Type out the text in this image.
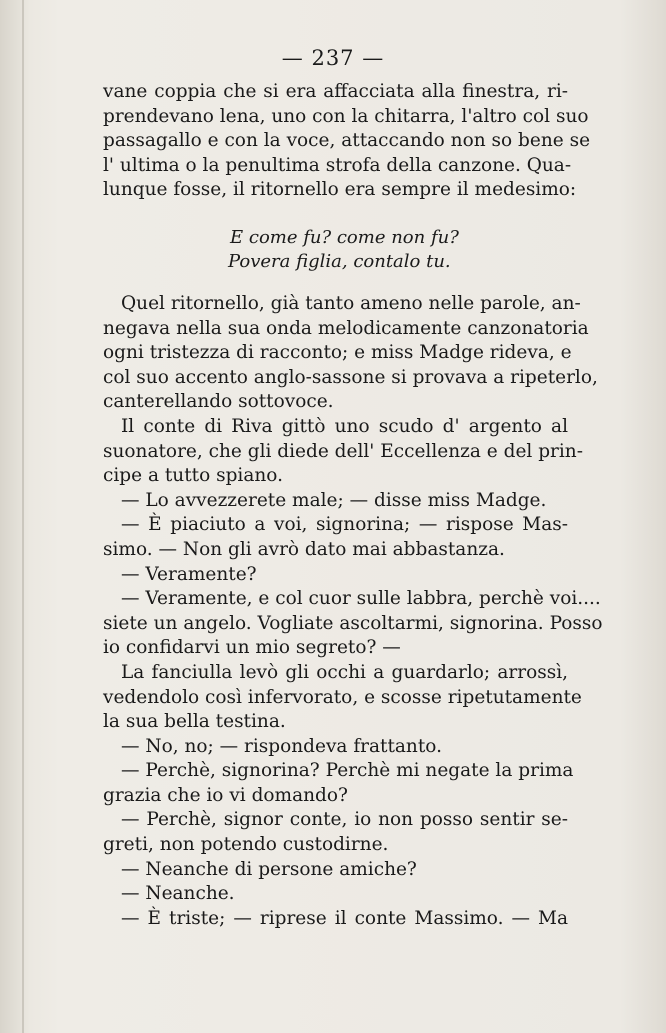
— 237 —
vane coppia che si era affacciata alla finestra, ri-
prendevano lena, uno con la chitarra, l'altro col suo
passagallo e con la voce, attaccando non so bene se
l' ultima o la penultima strofa della canzone. Qua-
lunque fosse, il ritornello era sempre il medesimo:
E come fu? come non fu?
Povera figlia, contalo tu.
Quel ritornello, già tanto ameno nelle parole, an-
negava nella sua onda melodicamente canzonatoria
ogni tristezza di racconto; e miss Madge rideva, e
col suo accento anglo-sassone si provava a ripeterlo,
canterellando sottovoce.
Il conte di Riva gittò uno scudo d' argento al
suonatore, che gli diede dell' Eccellenza e del prin-
cipe a tutto spiano.
— Lo avvezzerete male; — disse miss Madge.
— È piaciuto a voi, signorina; — rispose Mas-
simo. — Non gli avrò dato mai abbastanza.
— Veramente?
— Veramente, e col cuor sulle labbra, perchè voi....
siete un angelo. Vogliate ascoltarmi, signorina. Posso
io confidarvi un mio segreto? —
La fanciulla levò gli occhi a guardarlo; arrossì,
vedendolo così infervorato, e scosse ripetutamente
la sua bella testina.
— No, no; — rispondeva frattanto.
— Perchè, signorina? Perchè mi negate la prima
grazia che io vi domando?
— Perchè, signor conte, io non posso sentir se-
greti, non potendo custodirne.
— Neanche di persone amiche?
— Neanche.
— È triste; — riprese il conte Massimo. — Ma
